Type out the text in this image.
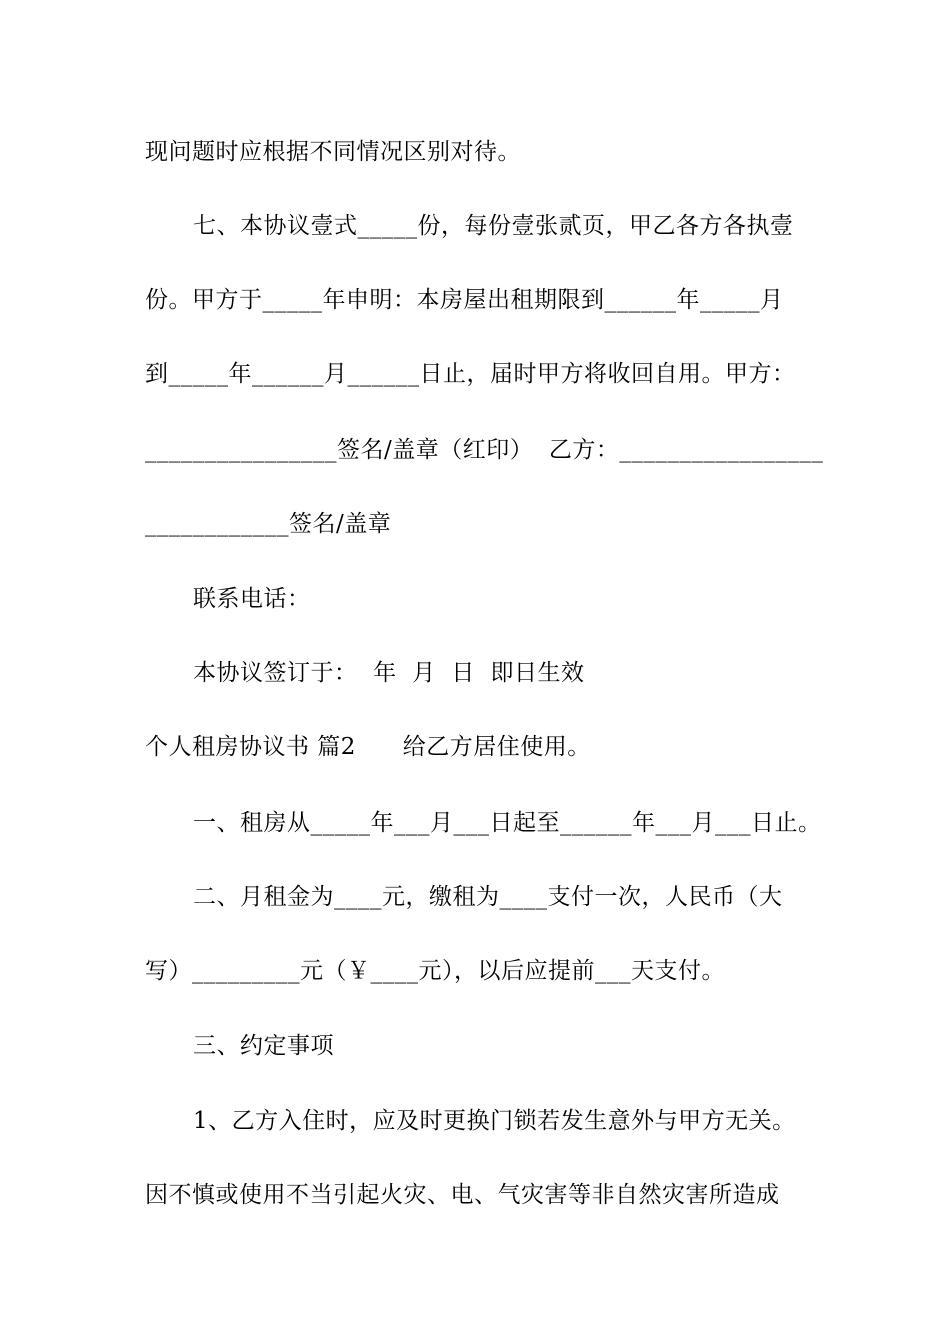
现问题时应根据不同情况区别对待。
七、本协议壹式_____份，每份壹张贰页，甲乙各方各执壹
份。甲方于_____年申明：本房屋出租期限到______年_____月
到_____年______月______日止，届时甲方将收回自用。甲方：
________________签名/盖章（红印）  乙方：_________________
____________签名/盖章
联系电话：
本协议签订于：  年  月  日  即日生效
个人租房协议书 篇2      给乙方居住使用。
一、租房从_____年___月___日起至______年___月___日止。
二、月租金为____元，缴租为____支付一次，人民币（大
写）_________元（￥____元），以后应提前___天支付。
三、约定事项
1、乙方入住时，应及时更换门锁若发生意外与甲方无关。
因不慎或使用不当引起火灾、电、气灾害等非自然灾害所造成
